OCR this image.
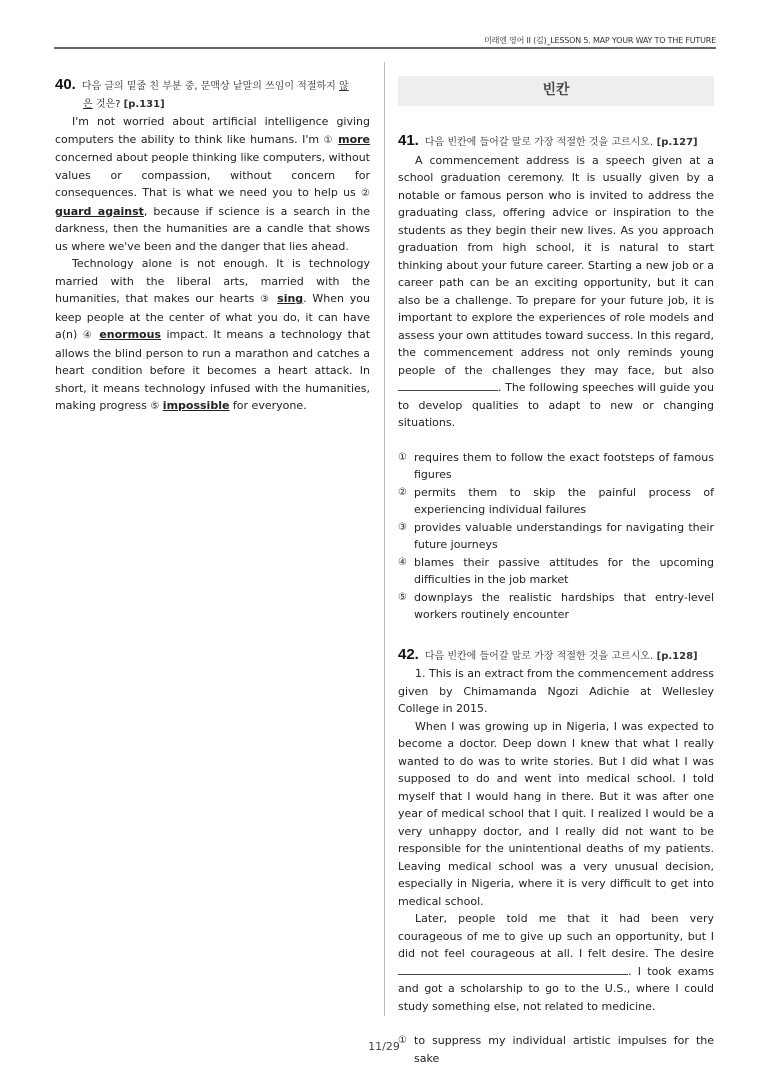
미래엔 영어 II (김)_LESSON 5. MAP YOUR WAY TO THE FUTURE
40. 다음 글의 밑줄 친 부분 중, 문맥상 낱말의 쓰임이 적절하지 않
은 것은? [p.131]

I'm not worried about artificial intelligence giving computers the ability to think like humans. I'm ① more concerned about people thinking like computers, without values or compassion, without concern for consequences. That is what we need you to help us ② guard against, because if science is a search in the darkness, then the humanities are a candle that shows us where we've been and the danger that lies ahead.

Technology alone is not enough. It is technology married with the liberal arts, married with the humanities, that makes our hearts ③ sing. When you keep people at the center of what you do, it can have a(n) ④ enormous impact. It means a technology that allows the blind person to run a marathon and catches a heart condition before it becomes a heart attack. In short, it means technology infused with the humanities, making progress ⑤ impossible for everyone.

빈칸
41. 다음 빈칸에 들어갈 말로 가장 적절한 것을 고르시오.
[p.127]

A commencement address is a speech given at a school graduation ceremony. It is usually given by a notable or famous person who is invited to address the graduating class, offering advice or inspiration to the students as they begin their new lives. As you approach graduation from high school, it is natural to start thinking about your future career. Starting a new job or a career path can be an exciting opportunity, but it can also be a challenge. To prepare for your future job, it is important to explore the experiences of role models and assess your own attitudes toward success. In this regard, the commencement address not only reminds young people of the challenges they may face, but also . The following speeches will guide you to develop qualities to adapt to new or changing situations.

① requires them to follow the exact footsteps of famous figures
② permits them to skip the painful process of experiencing individual failures
③ provides valuable understandings for navigating their future journeys
④ blames their passive attitudes for the upcoming difficulties in the job market
⑤ downplays the realistic hardships that entry-level workers routinely encounter
42. 다음 빈칸에 들어갈 말로 가장 적절한 것을 고르시오.
[p.128]

1. This is an extract from the commencement address given by Chimamanda Ngozi Adichie at Wellesley College in 2015.

When I was growing up in Nigeria, I was expected to become a doctor. Deep down I knew that what I really wanted to do was to write stories. But I did what I was supposed to do and went into medical school. I told myself that I would hang in there. But it was after one year of medical school that I quit. I realized I would be a very unhappy doctor, and I really did not want to be responsible for the unintentional deaths of my patients. Leaving medical school was a very unusual decision, especially in Nigeria, where it is very difficult to get into medical school.

Later, people told me that it had been very courageous of me to give up such an opportunity, but I did not feel courageous at all. I felt desire. The desire . I took exams and got a scholarship to go to the U.S., where I could study something else, not related to medicine.

① to suppress my individual artistic impulses for the sake
11/29
